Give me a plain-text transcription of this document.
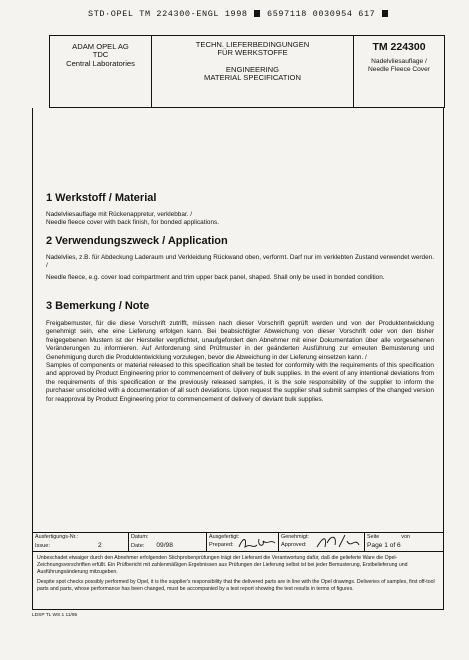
STD·OPEL TM 224300-ENGL 1998 6597118 0030954 617
ADAM OPEL AG
TDC
Central Laboratories
TECHN. LIEFERBEDINGUNGEN
FÜR WERKSTOFFE
ENGINEERING
MATERIAL SPECIFICATION
TM 224300
Nadelvliesauflage /
Needle Fleece Cover
1 Werkstoff / Material

Nadelvliesauflage mit Rückenappretur, verklebbar. /

Needle fleece cover with back finish, for bonded applications.

2 Verwendungszweck / Application

Nadelvlies, z.B. für Abdeckung Laderaum und Verkleidung Rückwand oben, verformt. Darf nur im verklebten Zustand verwendet werden. /

Needle fleece, e.g. cover load compartment and trim upper back panel, shaped. Shall only be used in bonded condition.

3 Bemerkung / Note

Freigabemuster, für die diese Vorschrift zutrifft, müssen nach dieser Vorschrift geprüft werden und von der Produktentwicklung genehmigt sein, ehe eine Lieferung erfolgen kann. Bei beabsichtigter Abweichung von dieser Vorschrift oder von den bisher freigegebenen Mustern ist der Hersteller verpflichtet, unaufgefordert den Abnehmer mit einer Dokumentation über alle vorgesehenen Veränderungen zu informieren. Auf Anforderung sind Prüfmuster in der geänderten Ausführung zur erneuten Bemusterung und Genehmigung durch die Produktentwicklung vorzulegen, bevor die Abweichung in der Lieferung einsetzen kann. /

Samples of components or material released to this specification shall be tested for conformity with the requirements of this specification and approved by Product Engineering prior to commencement of delivery of bulk supplies. In the event of any intentional deviations from the requirements of this specification or the previously released samples, it is the sole responsibility of the supplier to inform the purchaser unsolicited with a documentation of all such deviations. Upon request the supplier shall submit samples of the changed version for reapproval by Product Engineering prior to commencement of delivery of deviant bulk supplies.

Ausfertigungs-Nr.:
Issue:	2
Datum:
Date: 09/98
Ausgefertigt:
Prepared:
Genehmigt:
Approved:
Seite	von
Page 1 of 6

Unbeschadet etwaiger durch den Abnehmer erfolgenden Stichprobenprüfungen trägt der Lieferant die Verantwortung dafür, daß die gelieferte Ware die Opel-Zeichnungsvorschriften erfüllt. Ein Prüfbericht mit zahlenmäßigen Ergebnissen aus Prüfungen der Lieferung selbst ist bei jeder Bemusterung, Erstbelieferung und Ausführungsänderung mitzugeben.

Despite spot checks possibly performed by Opel, it is the supplier's responsibility that the delivered parts are in line with the Opel drawings. Deliveries of samples, first off-tool parts and parts, whose performance has been changed, must be accompanied by a test report showing the test results in terms of figures.

LDSP TL WS 1 11/95
